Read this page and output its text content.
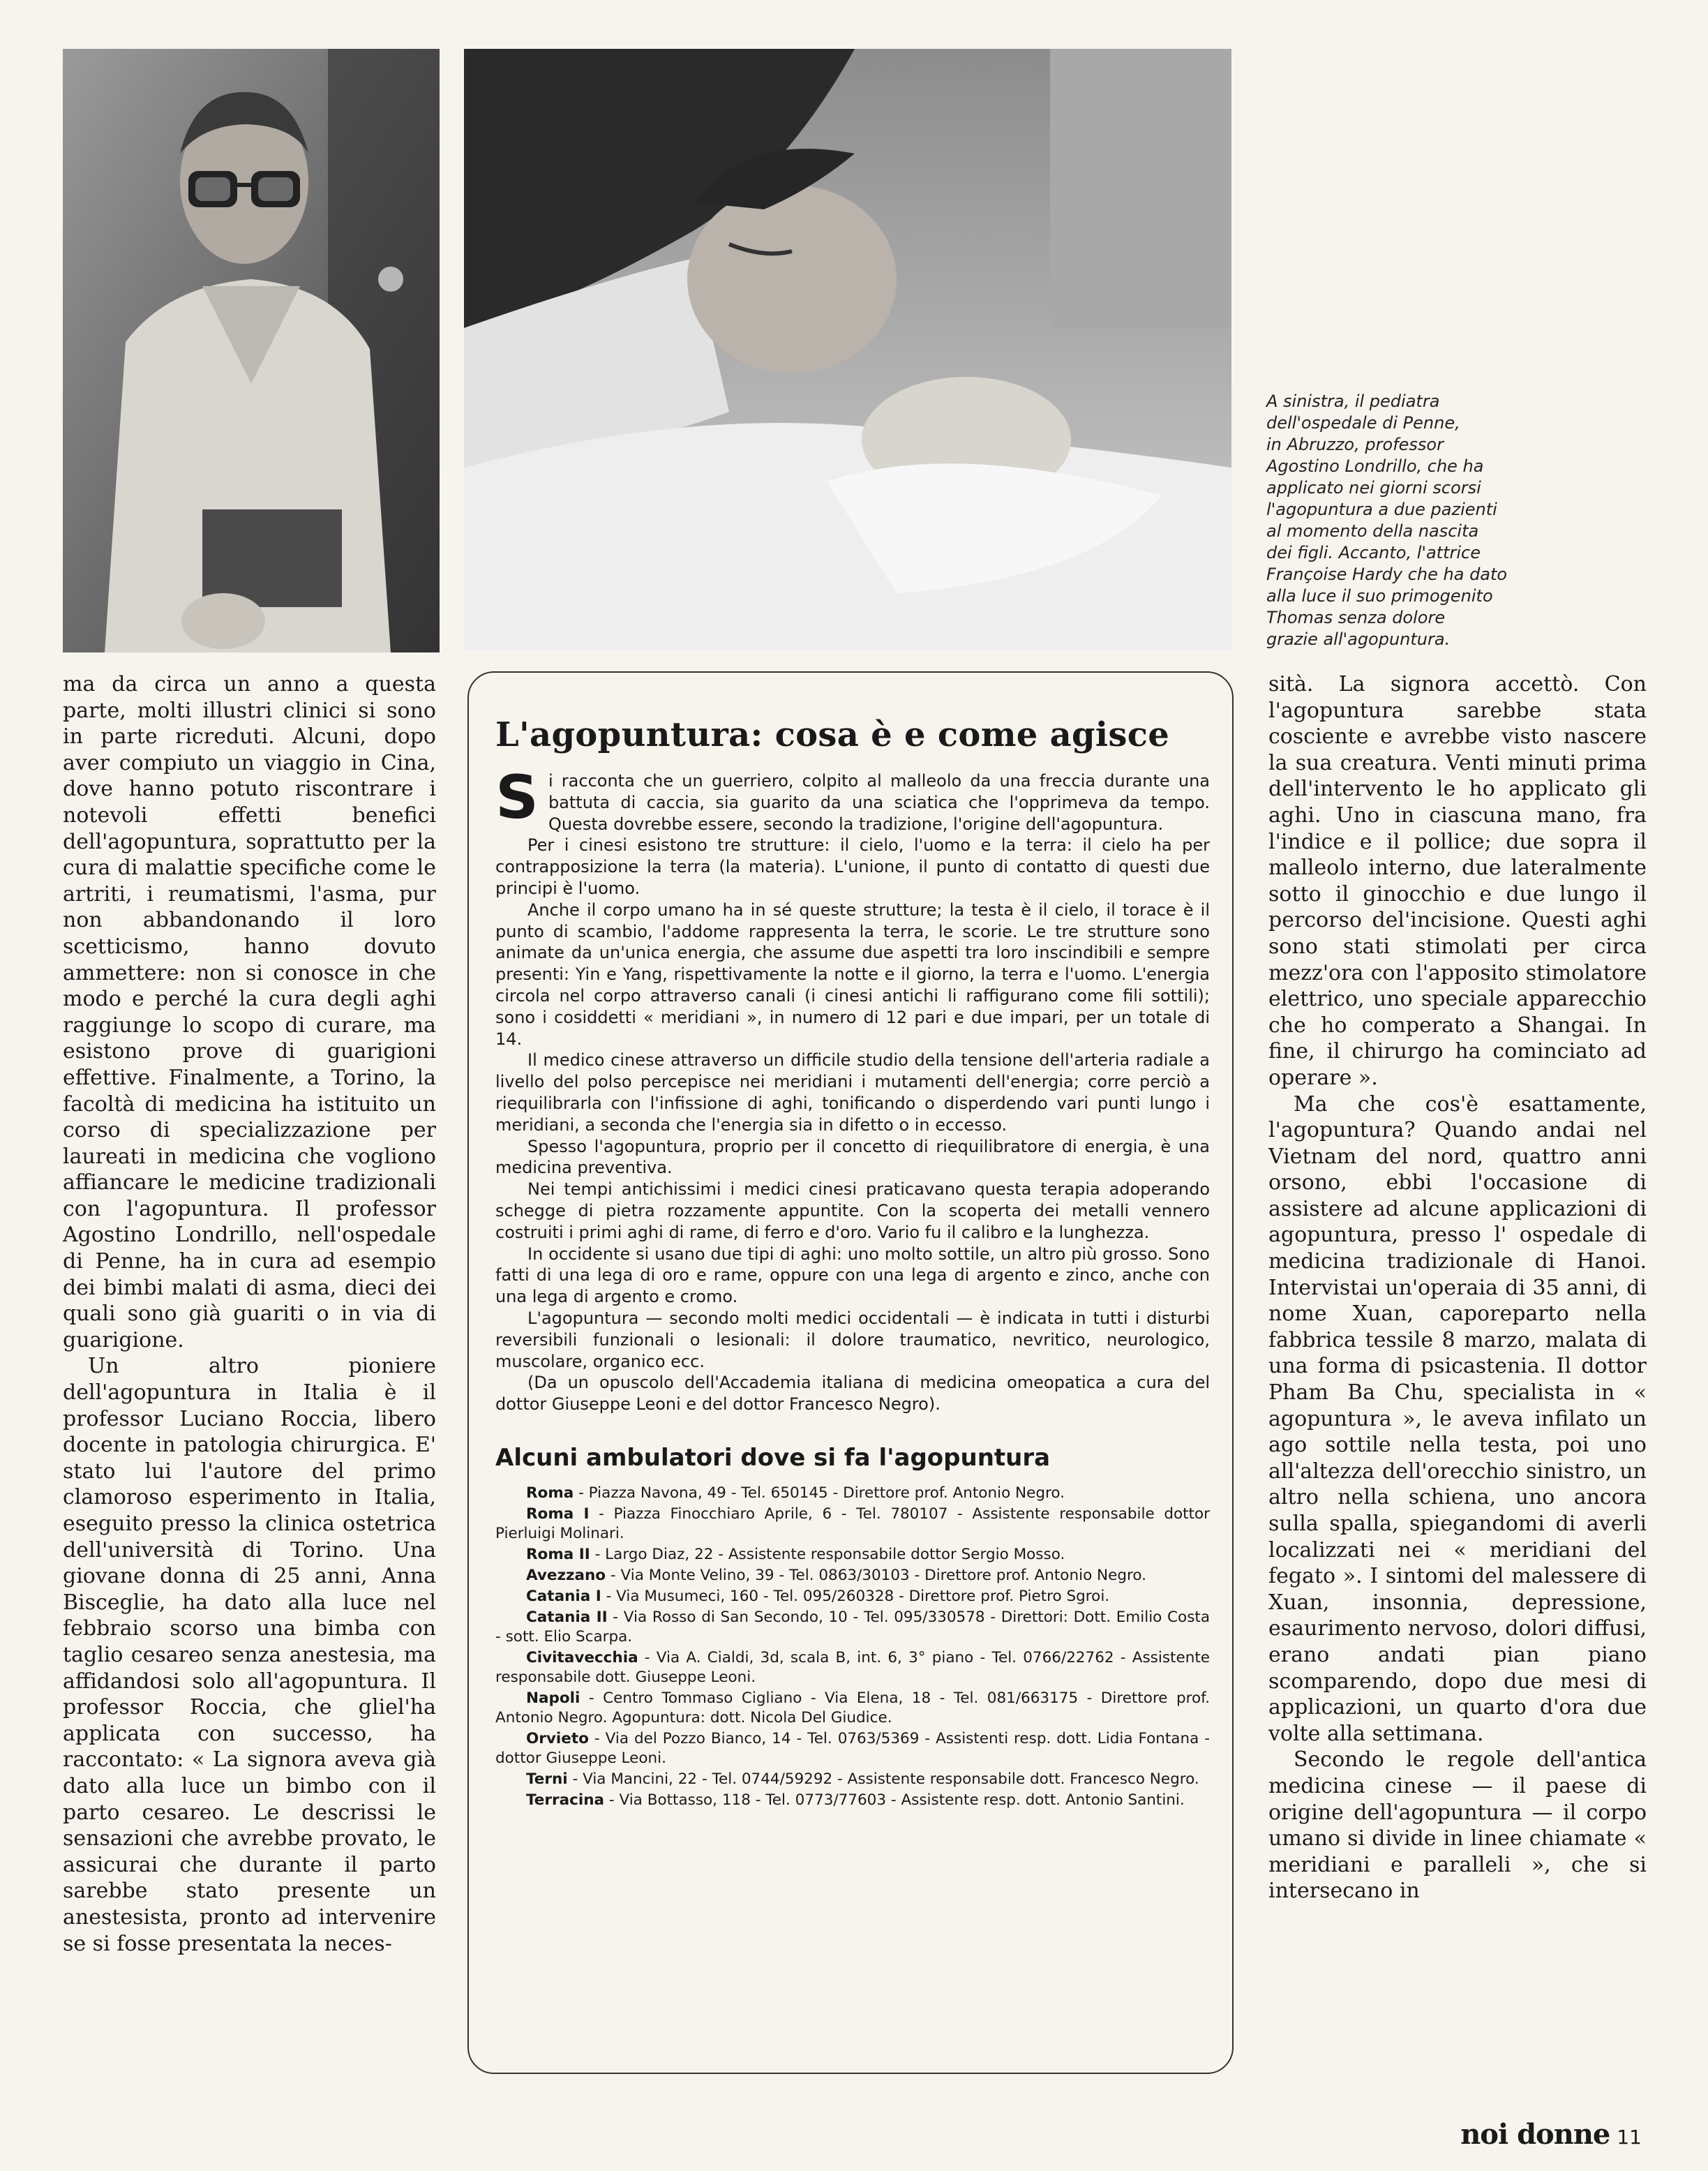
A sinistra, il pediatra

dell'ospedale di Penne,

in Abruzzo, professor

Agostino Londrillo, che ha

applicato nei giorni scorsi

l'agopuntura a due pazienti

al momento della nascita

dei figli. Accanto, l'attrice

Françoise Hardy che ha dato

alla luce il suo primogenito

Thomas senza dolore

grazie all'agopuntura.

ma da circa un anno a questa parte, molti illustri clinici si sono in parte ricreduti. Alcuni, dopo aver compiuto un viaggio in Cina, dove hanno potuto riscontrare i notevoli effetti benefici dell'agopuntura, soprattutto per la cura di malattie specifiche come le artriti, i reumatismi, l'asma, pur non abbandonando il loro scetticismo, hanno dovuto ammettere: non si conosce in che modo e perché la cura degli aghi raggiunge lo scopo di curare, ma esistono prove di guarigioni effettive. Finalmente, a Torino, la facoltà di medicina ha istituito un corso di specializzazione per laureati in medicina che vogliono affiancare le medicine tradizionali con l'agopuntura. Il professor Agostino Londrillo, nell'ospedale di Penne, ha in cura ad esempio dei bimbi malati di asma, dieci dei quali sono già guariti o in via di guarigione.

Un altro pioniere dell'agopuntura in Italia è il professor Luciano Roccia, libero docente in patologia chirurgica. E' stato lui l'autore del primo clamoroso esperimento in Italia, eseguito presso la clinica ostetrica dell'università di Torino. Una giovane donna di 25 anni, Anna Bisceglie, ha dato alla luce nel febbraio scorso una bimba con taglio cesareo senza anestesia, ma affidandosi solo all'agopuntura. Il professor Roccia, che gliel'ha applicata con successo, ha raccontato: « La signora aveva già dato alla luce un bimbo con il parto cesareo. Le descrissi le sensazioni che avrebbe provato, le assicurai che durante il parto sarebbe stato presente un anestesista, pronto ad intervenire se si fosse presentata la neces-

L'agopuntura: cosa è e come agisce

Si racconta che un guerriero, colpito al malleolo da una freccia durante una battuta di caccia, sia guarito da una sciatica che l'opprimeva da tempo. Questa dovrebbe essere, secondo la tradizione, l'origine dell'agopuntura.

Per i cinesi esistono tre strutture: il cielo, l'uomo e la terra: il cielo ha per contrapposizione la terra (la materia). L'unione, il punto di contatto di questi due principi è l'uomo.

Anche il corpo umano ha in sé queste strutture; la testa è il cielo, il torace è il punto di scambio, l'addome rappresenta la terra, le scorie. Le tre strutture sono animate da un'unica energia, che assume due aspetti tra loro inscindibili e sempre presenti: Yin e Yang, rispettivamente la notte e il giorno, la terra e l'uomo. L'energia circola nel corpo attraverso canali (i cinesi antichi li raffigurano come fili sottili); sono i cosiddetti « meridiani », in numero di 12 pari e due impari, per un totale di 14.

Il medico cinese attraverso un difficile studio della tensione dell'arteria radiale a livello del polso percepisce nei meridiani i mutamenti dell'energia; corre perciò a riequilibrarla con l'infissione di aghi, tonificando o disperdendo vari punti lungo i meridiani, a seconda che l'energia sia in difetto o in eccesso.

Spesso l'agopuntura, proprio per il concetto di riequilibratore di energia, è una medicina preventiva.

Nei tempi antichissimi i medici cinesi praticavano questa terapia adoperando schegge di pietra rozzamente appuntite. Con la scoperta dei metalli vennero costruiti i primi aghi di rame, di ferro e d'oro. Vario fu il calibro e la lunghezza.

In occidente si usano due tipi di aghi: uno molto sottile, un altro più grosso. Sono fatti di una lega di oro e rame, oppure con una lega di argento e zinco, anche con una lega di argento e cromo.

L'agopuntura — secondo molti medici occidentali — è indicata in tutti i disturbi reversibili funzionali o lesionali: il dolore traumatico, nevritico, neurologico, muscolare, organico ecc.

(Da un opuscolo dell'Accademia italiana di medicina omeopatica a cura del dottor Giuseppe Leoni e del dottor Francesco Negro).

Alcuni ambulatori dove si fa l'agopuntura

Roma - Piazza Navona, 49 - Tel. 650145 - Direttore prof. Antonio Negro.

Roma I - Piazza Finocchiaro Aprile, 6 - Tel. 780107 - Assistente responsabile dottor Pierluigi Molinari.

Roma II - Largo Diaz, 22 - Assistente responsabile dottor Sergio Mosso.

Avezzano - Via Monte Velino, 39 - Tel. 0863/30103 - Direttore prof. Antonio Negro.

Catania I - Via Musumeci, 160 - Tel. 095/260328 - Direttore prof. Pietro Sgroi.

Catania II - Via Rosso di San Secondo, 10 - Tel. 095/330578 - Direttori: Dott. Emilio Costa - sott. Elio Scarpa.

Civitavecchia - Via A. Cialdi, 3d, scala B, int. 6, 3° piano - Tel. 0766/22762 - Assistente responsabile dott. Giuseppe Leoni.

Napoli - Centro Tommaso Cigliano - Via Elena, 18 - Tel. 081/663175 - Direttore prof. Antonio Negro. Agopuntura: dott. Nicola Del Giudice.

Orvieto - Via del Pozzo Bianco, 14 - Tel. 0763/5369 - Assistenti resp. dott. Lidia Fontana - dottor Giuseppe Leoni.

Terni - Via Mancini, 22 - Tel. 0744/59292 - Assistente responsabile dott. Francesco Negro.

Terracina - Via Bottasso, 118 - Tel. 0773/77603 - Assistente resp. dott. Antonio Santini.

sità. La signora accettò. Con l'agopuntura sarebbe stata cosciente e avrebbe visto nascere la sua creatura. Venti minuti prima dell'intervento le ho applicato gli aghi. Uno in ciascuna mano, fra l'indice e il pollice; due sopra il malleolo interno, due lateralmente sotto il ginocchio e due lungo il percorso del'incisione. Questi aghi sono stati stimolati per circa mezz'ora con l'apposito stimolatore elettrico, uno speciale apparecchio che ho comperato a Shangai. In fine, il chirurgo ha cominciato ad operare ».

Ma che cos'è esattamente, l'agopuntura? Quando andai nel Vietnam del nord, quattro anni orsono, ebbi l'occasione di assistere ad alcune applicazioni di agopuntura, presso l' ospedale di medicina tradizionale di Hanoi. Intervistai un'operaia di 35 anni, di nome Xuan, caporeparto nella fabbrica tessile 8 marzo, malata di una forma di psicastenia. Il dottor Pham Ba Chu, specialista in « agopuntura », le aveva infilato un ago sottile nella testa, poi uno all'altezza dell'orecchio sinistro, un altro nella schiena, uno ancora sulla spalla, spiegandomi di averli localizzati nei « meridiani del fegato ». I sintomi del malessere di Xuan, insonnia, depressione, esaurimento nervoso, dolori diffusi, erano andati pian piano scomparendo, dopo due mesi di applicazioni, un quarto d'ora due volte alla settimana.

Secondo le regole dell'antica medicina cinese — il paese di origine dell'agopuntura — il corpo umano si divide in linee chiamate « meridiani e paralleli », che si intersecano in

noi donne 11
